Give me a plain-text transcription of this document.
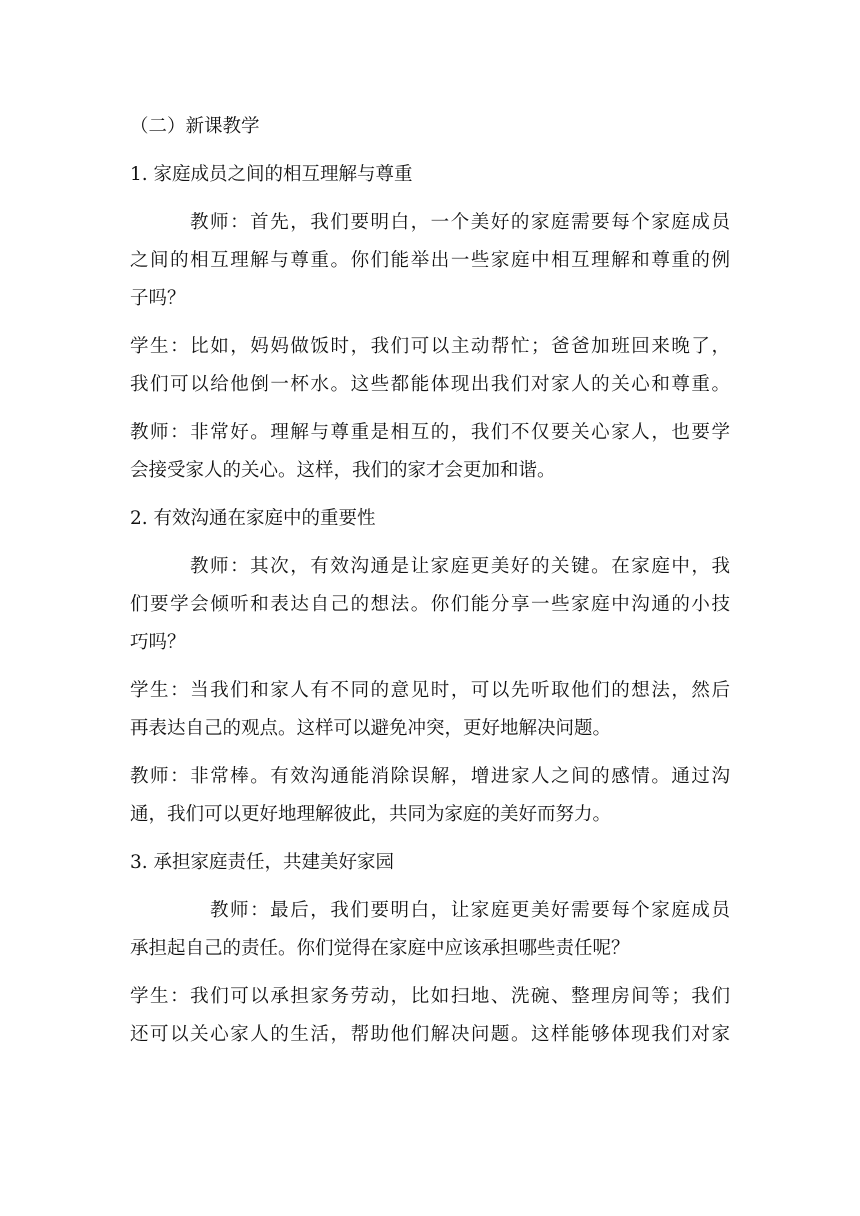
（二）新课教学
1. 家庭成员之间的相互理解与尊重
教师：首先，我们要明白，一个美好的家庭需要每个家庭成员
之间的相互理解与尊重。你们能举出一些家庭中相互理解和尊重的例
子吗？
学生：比如，妈妈做饭时，我们可以主动帮忙；爸爸加班回来晚了，
我们可以给他倒一杯水。这些都能体现出我们对家人的关心和尊重。
教师：非常好。理解与尊重是相互的，我们不仅要关心家人，也要学
会接受家人的关心。这样，我们的家才会更加和谐。
2. 有效沟通在家庭中的重要性
教师：其次，有效沟通是让家庭更美好的关键。在家庭中，我
们要学会倾听和表达自己的想法。你们能分享一些家庭中沟通的小技
巧吗？
学生：当我们和家人有不同的意见时，可以先听取他们的想法，然后
再表达自己的观点。这样可以避免冲突，更好地解决问题。
教师：非常棒。有效沟通能消除误解，增进家人之间的感情。通过沟
通，我们可以更好地理解彼此，共同为家庭的美好而努力。
3. 承担家庭责任，共建美好家园
教师：最后，我们要明白，让家庭更美好需要每个家庭成员
承担起自己的责任。你们觉得在家庭中应该承担哪些责任呢？
学生：我们可以承担家务劳动，比如扫地、洗碗、整理房间等；我们
还可以关心家人的生活，帮助他们解决问题。这样能够体现我们对家
